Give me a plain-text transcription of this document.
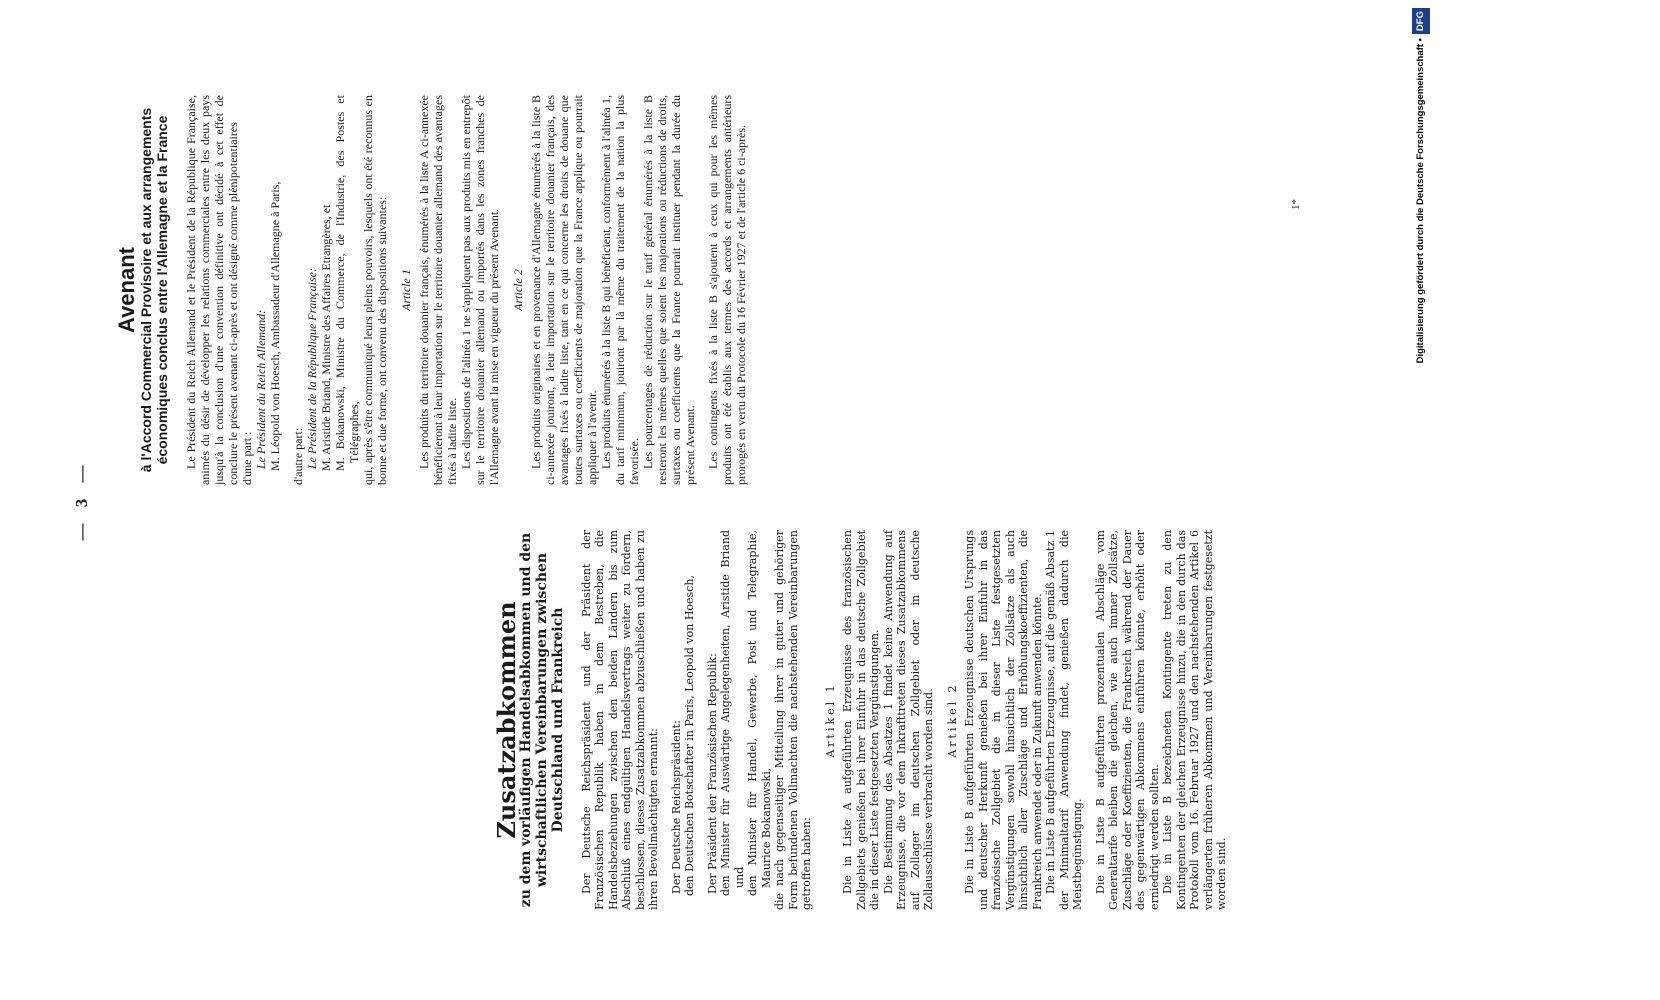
— 3 —
Zusatzabkommen
zu dem vorläufigen Handelsabkommen und den wirtschaftlichen Vereinbarungen zwischen Deutschland und Frankreich Der Deutsche Reichspräsident und der Präsident der Französischen Republik haben in dem Bestreben, die Handelsbeziehungen zwischen den beiden Ländern bis zum Abschluß eines endgültigen Handelsvertrags weiter zu fördern, beschlossen, dieses Zusatzabkommen abzuschließen und haben zu ihren Bevollmächtigten ernannt: Der Deutsche Reichspräsident: den Deutschen Botschafter in Paris, Leopold von Hoesch, Der Präsident der Französischen Republik: den Minister für Auswärtige Angelegenheiten, Aristide Briand und den Minister für Handel, Gewerbe, Post und Telegraphie, Maurice Bokanowski, die nach gegenseitiger Mitteilung ihrer in guter und gehöriger Form befundenen Vollmachten die nachstehenden Vereinbarungen getroffen haben:

Artikel 1 Die in Liste A aufgeführten Erzeugnisse des französischen Zollgebiets genießen bei ihrer Einfuhr in das deutsche Zollgebiet die in dieser Liste festgesetzten Vergünstigungen. Die Bestimmung des Absatzes 1 findet keine Anwendung auf Erzeugnisse, die vor dem Inkrafttreten dieses Zusatzabkommens auf Zollager im deutschen Zollgebiet oder in deutsche Zollausschlüsse verbracht worden sind. Artikel 2 Die in Liste B aufgeführten Erzeugnisse deutschen Ursprungs und deutscher Herkunft genießen bei ihrer Einfuhr in das französische Zollgebiet die in dieser Liste festgesetzten Vergünstigungen sowohl hinsichtlich der Zollsätze als auch hinsichtlich aller Zuschläge und Erhöhungskoeffizienten, die Frankreich anwendet oder in Zukunft anwenden könnte. Die in Liste B aufgeführten Erzeugnisse, auf die gemäß Absatz 1 der Minimaltarif Anwendung findet, genießen dadurch die Meistbegünstigung. Die in Liste B aufgeführten prozentualen Abschläge vom Generaltarife bleiben die gleichen, wie auch immer Zollsätze, Zuschläge oder Koeffizienten, die Frankreich während der Dauer des gegenwärtigen Abkommens einführen könnte, erhöht oder erniedrigt werden sollten. Die in Liste B bezeichneten Kontingente treten zu den Kontingenten der gleichen Erzeugnisse hinzu, die in den durch das Protokoll vom 16. Februar 1927 und den nachstehenden Artikel 6 verlängerten früheren Abkommen und Vereinbarungen festgesetzt worden sind.

Avenant à l'Accord Commercial Provisoire et aux arrangements économiques conclus entre l'Allemagne et la France Le Président du Reich Allemand et le Président de la République Française, animés du désir de développer les relations commerciales entre les deux pays jusqu'à la conclusion d'une convention définitive ont décidé à cet effet de conclure le présent avenant ci-après et ont désigné comme plénipotentiaires d'une part : Le Président du Reich Allemand: M. Léopold von Hoesch, Ambassadeur d'Allemagne à Paris, d'autre part: Le Président de la République Française: M. Aristide Briand, Ministre des Affaires Etrangères, et M. Bokanowski, Ministre du Commerce, de l'Industrie, des Postes et Télégraphes, qui, après s'être communiqué leurs pleins pouvoirs, lesquels ont été reconnus en bonne et due forme, ont convenu des dispositions suivantes: Article 1 Les produits du territoire douanier français, énumérés à la liste A ci-annexée bénéficieront à leur importation sur le territoire douanier allemand des avantages fixés à ladite liste. Les dispositions de l'alinéa 1 ne s'appliquent pas aux produits mis en entrepôt sur le territoire douanier allemand ou importés dans les zones franches de l'Allemagne avant la mise en vigueur du présent Avenant. Article 2 Les produits originaires et en provenance d'Allemagne énumérés à la liste B ci-annexée jouiront, à leur importation sur le territoire douanier français, des avantages fixés à ladite liste, tant en ce qui concerne les droits de douane que toutes surtaxes ou coefficients de majoration que la France applique ou pourrait appliquer à l'avenir. Les produits énumérés à la liste B qui bénéficient, conformément à l'alinéa 1, du tarif minimum, jouiront par là même du traitement de la nation la plus favorisée. Les pourcentages de réduction sur le tarif général énumérés à la liste B resteront les mêmes quelles que soient les majorations ou réductions de droits, surtaxes ou coefficients que la France pourrait instituer pendant la durée du présent Avenant. Les contingents fixés à la liste B s'ajoutent à ceux qui pour les mêmes produits ont été établis aux termes des accords et arrangements antérieurs prorogés en vertu du Protocole du 16 Février 1927 et de l'article 6 ci-après.	1*	Digitalisierung gefördert durch die Deutsche Forschungsgemeinschaft •DFG
